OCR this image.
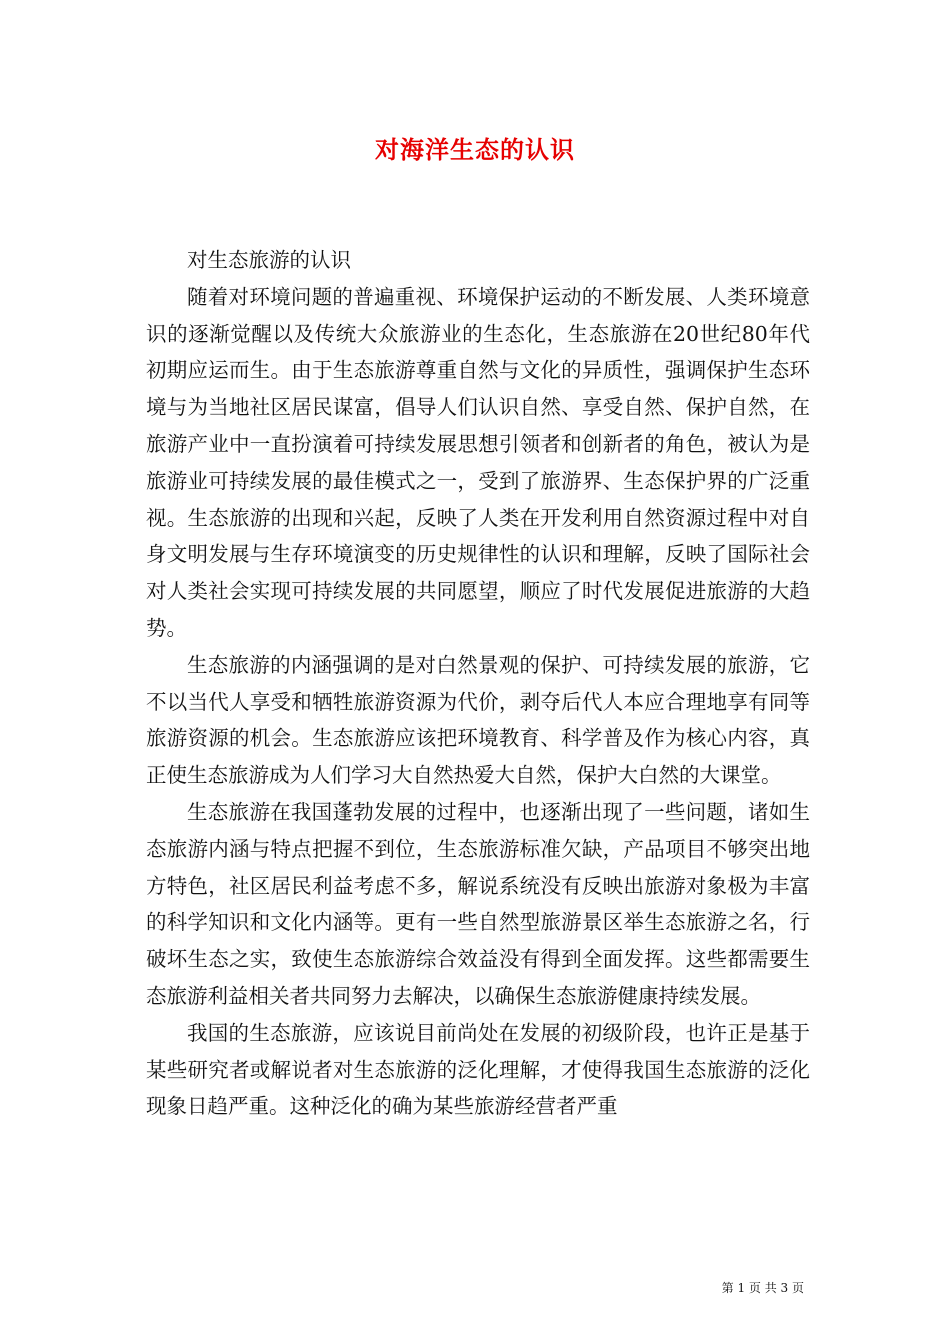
对海洋生态的认识

对生态旅游的认识

随着对环境问题的普遍重视、环境保护运动的不断发展、人类环境意识的逐渐觉醒以及传统大众旅游业的生态化，生态旅游在20世纪80年代初期应运而生。由于生态旅游尊重自然与文化的异质性，强调保护生态环境与为当地社区居民谋富，倡导人们认识自然、享受自然、保护自然，在旅游产业中一直扮演着可持续发展思想引领者和创新者的角色，被认为是旅游业可持续发展的最佳模式之一，受到了旅游界、生态保护界的广泛重视。生态旅游的出现和兴起，反映了人类在开发利用自然资源过程中对自身文明发展与生存环境演变的历史规律性的认识和理解，反映了国际社会对人类社会实现可持续发展的共同愿望，顺应了时代发展促进旅游的大趋势。

生态旅游的内涵强调的是对白然景观的保护、可持续发展的旅游，它不以当代人享受和牺牲旅游资源为代价，剥夺后代人本应合理地享有同等旅游资源的机会。生态旅游应该把环境教育、科学普及作为核心内容，真正使生态旅游成为人们学习大自然热爱大自然，保护大白然的大课堂。

生态旅游在我国蓬勃发展的过程中，也逐渐出现了一些问题，诸如生态旅游内涵与特点把握不到位，生态旅游标准欠缺，产品项目不够突出地方特色，社区居民利益考虑不多，解说系统没有反映出旅游对象极为丰富的科学知识和文化内涵等。更有一些自然型旅游景区举生态旅游之名，行破坏生态之实，致使生态旅游综合效益没有得到全面发挥。这些都需要生态旅游利益相关者共同努力去解决，以确保生态旅游健康持续发展。

我国的生态旅游，应该说目前尚处在发展的初级阶段，也许正是基于某些研究者或解说者对生态旅游的泛化理解，才使得我国生态旅游的泛化现象日趋严重。这种泛化的确为某些旅游经营者严重

第 1 页 共 3 页
